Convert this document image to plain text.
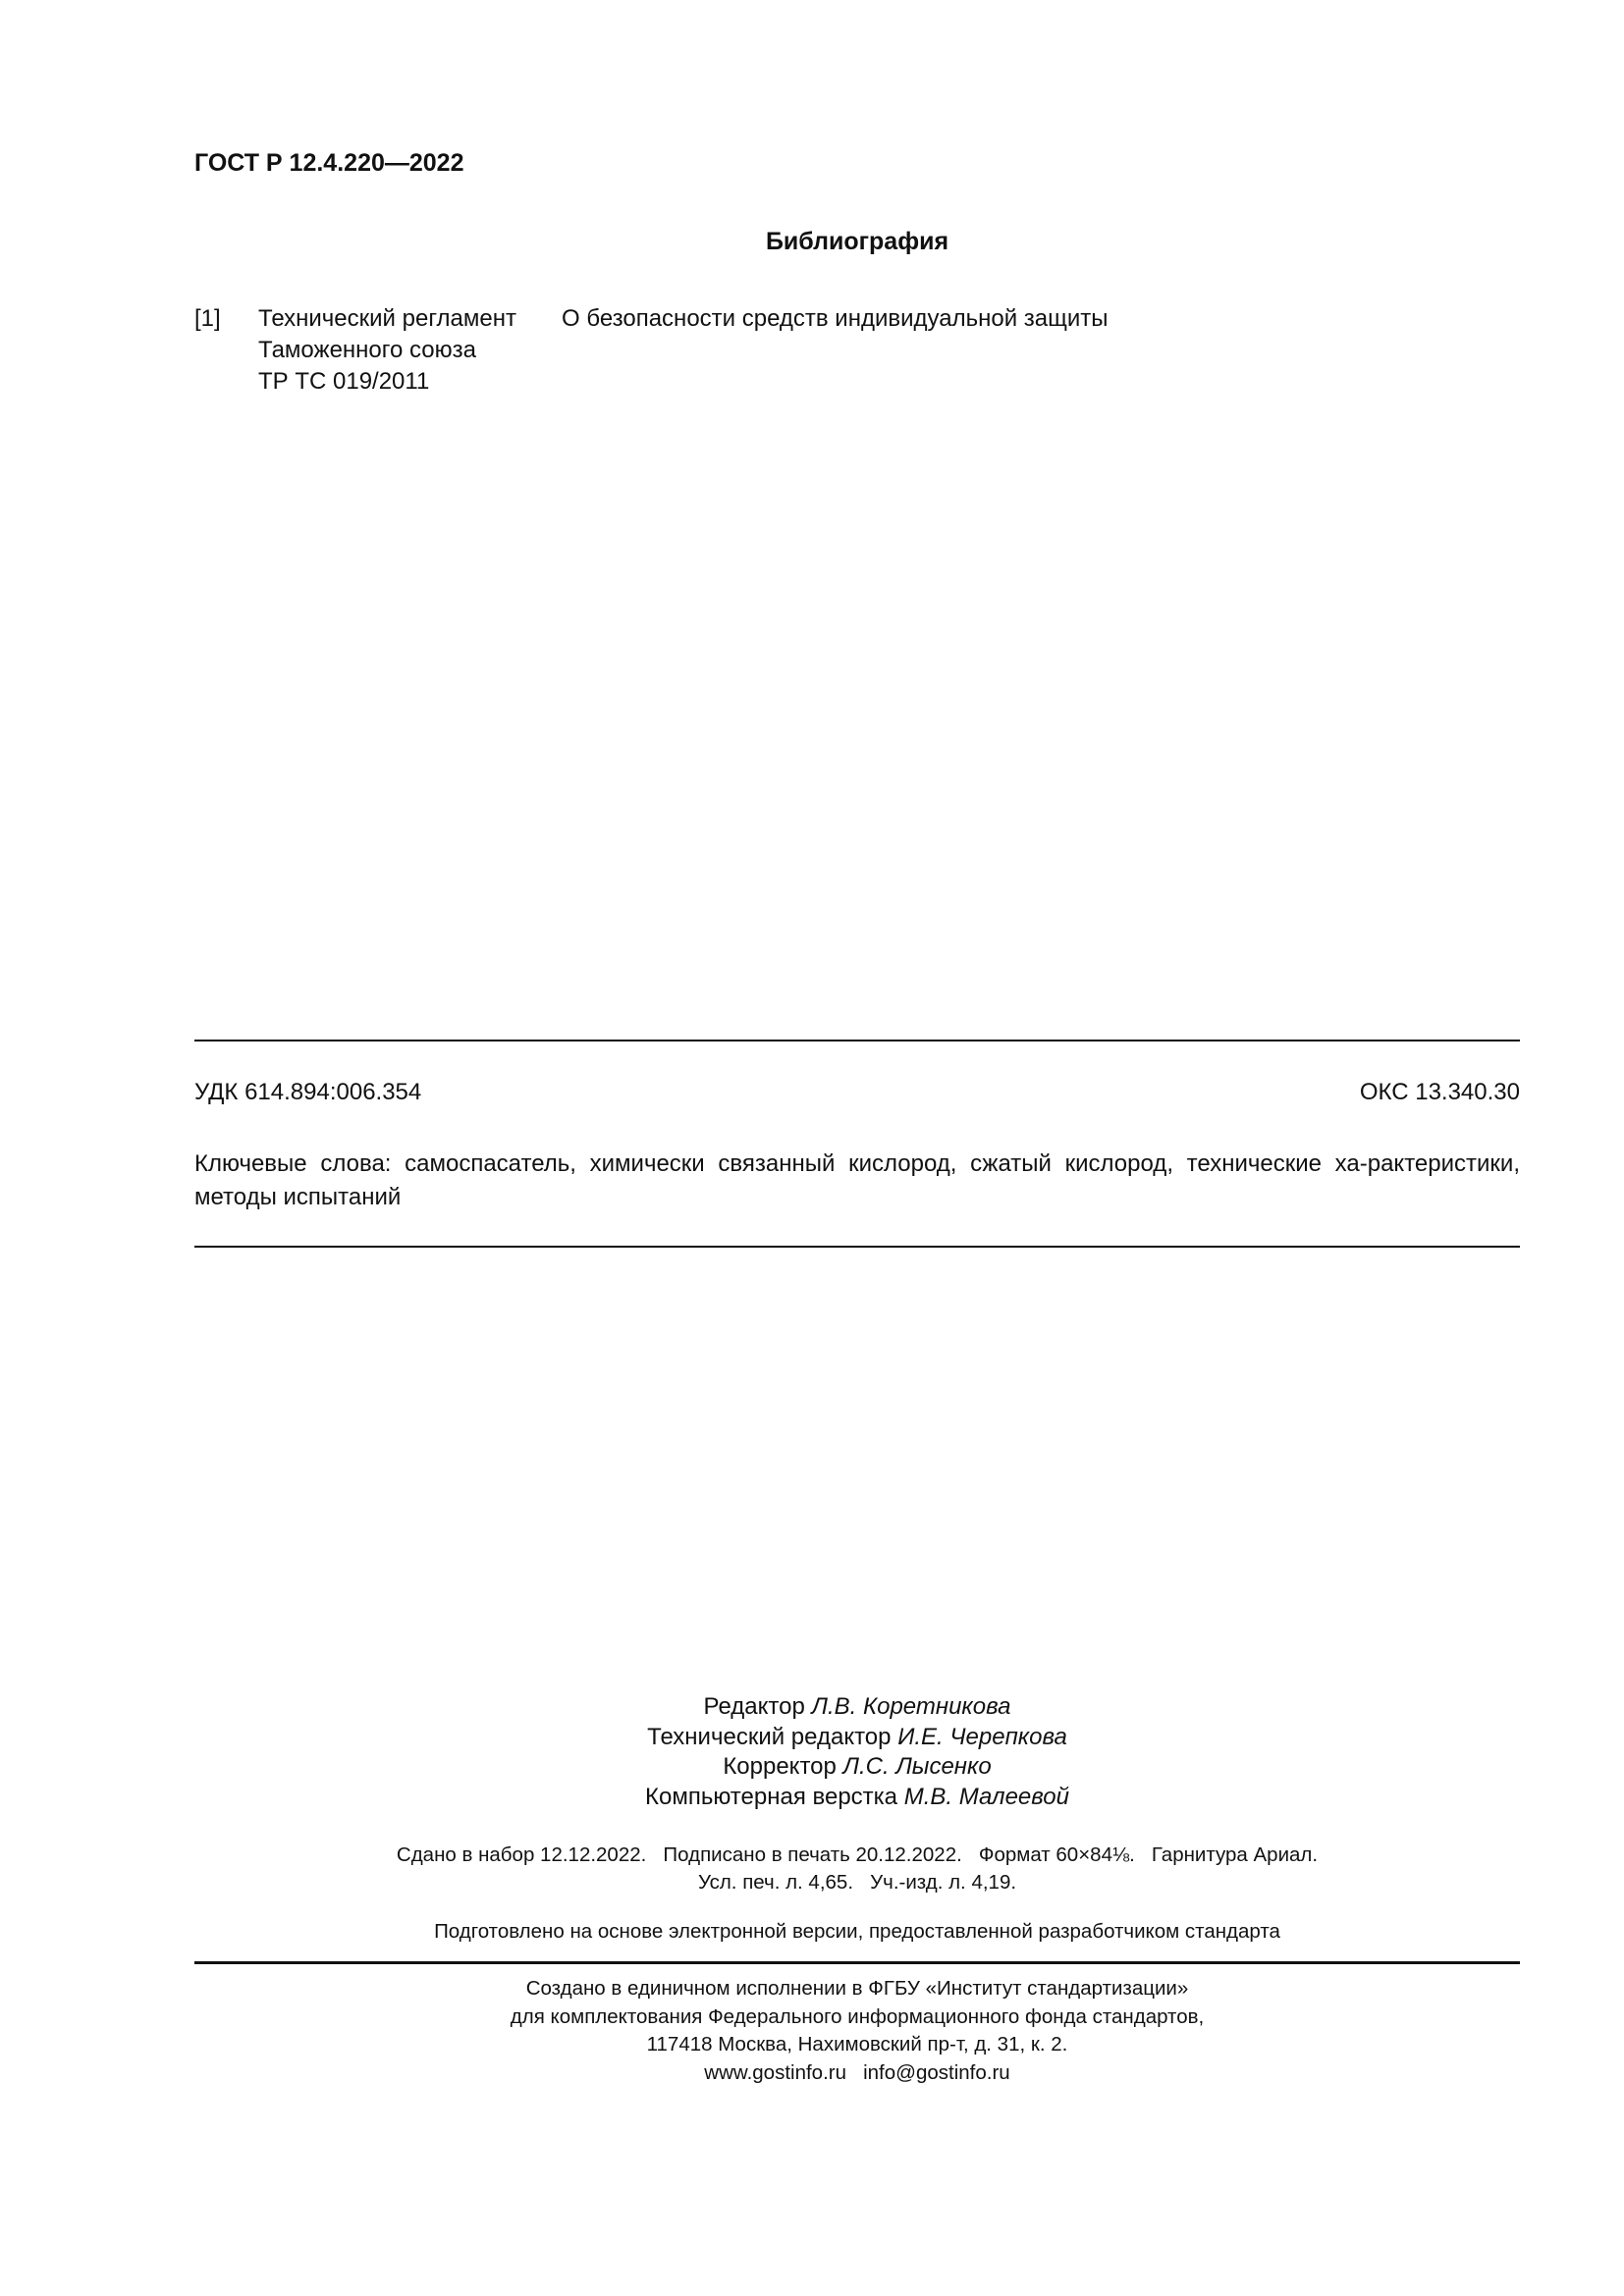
ГОСТ Р 12.4.220—2022
Библиография
[1] Технический регламент
Таможенного союза
ТР ТС 019/2011
О безопасности средств индивидуальной защиты
УДК 614.894:006.354	ОКС 13.340.30
Ключевые слова: самоспасатель, химически связанный кислород, сжатый кислород, технические ха-рактеристики, методы испытаний
Редактор Л.В. Коретникова
Технический редактор И.Е. Черепкова
Корректор Л.С. Лысенко
Компьютерная верстка М.В. Малеевой
Сдано в набор 12.12.2022.   Подписано в печать 20.12.2022.   Формат 60×84⅛.   Гарнитура Ариал.
Усл. печ. л. 4,65.   Уч.-изд. л. 4,19.
Подготовлено на основе электронной версии, предоставленной разработчиком стандарта
Создано в единичном исполнении в ФГБУ «Институт стандартизации»
для комплектования Федерального информационного фонда стандартов,
117418 Москва, Нахимовский пр-т, д. 31, к. 2.
www.gostinfo.ru info@gostinfo.ru
